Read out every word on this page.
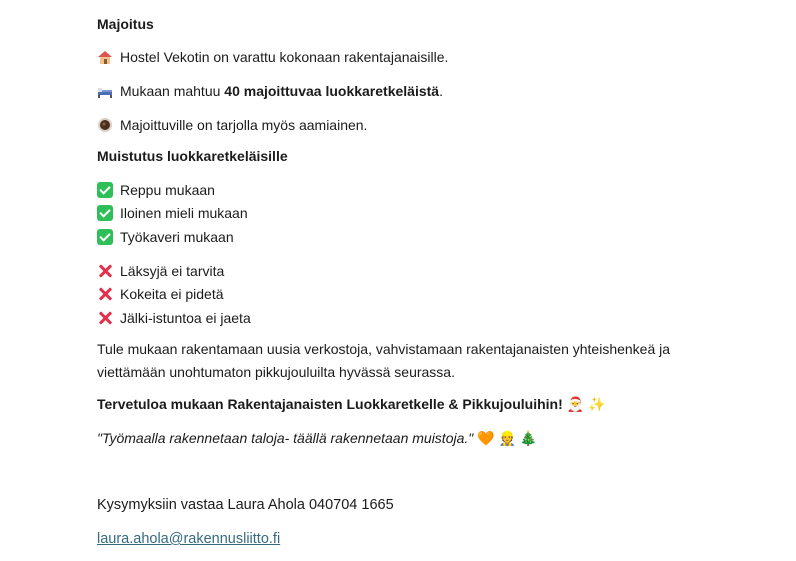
Majoitus
Hostel Vekotin on varattu kokonaan rakentajanaisille.
Mukaan mahtuu 40 majoittuvaa luokkaretkeläistä.
Majoittuville on tarjolla myös aamiainen.
Muistutus luokkaretkeläisille
Reppu mukaan
Iloinen mieli mukaan
Työkaveri mukaan
Läksyjä ei tarvita
Kokeita ei pidetä
Jälki-istuntoa ei jaeta
Tule mukaan rakentamaan uusia verkostoja, vahvistamaan rakentajanaisten yhteishenkeä ja viettämään unohtumaton pikkujouluilta hyvässä seurassa.
Tervetuloa mukaan Rakentajanaisten Luokkaretkelle & Pikkujouluihin! 🎅 ✨
"Työmaalla rakennetaan taloja- täällä rakennetaan muistoja." 🧡 👷 🎄
Kysymyksiin vastaa Laura Ahola 040704 1665
laura.ahola@rakennusliitto.fi
